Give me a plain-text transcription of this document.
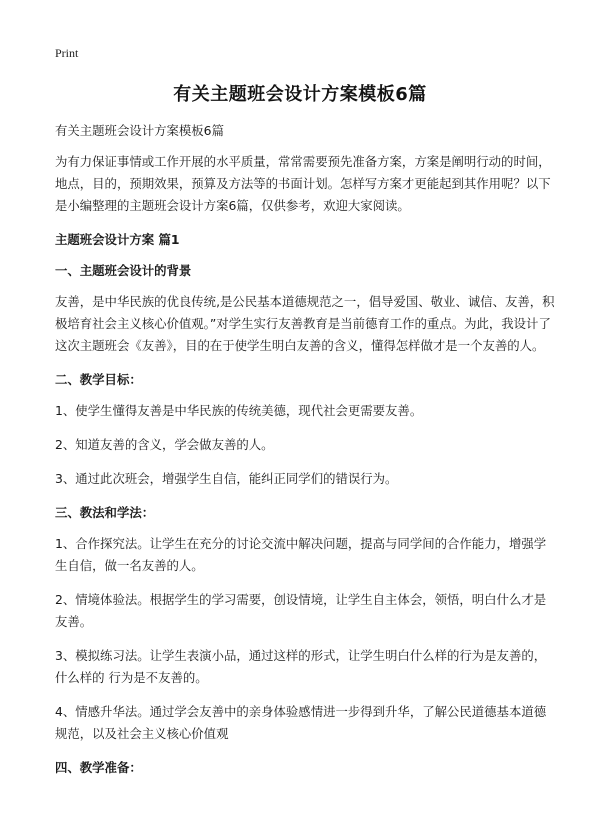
Print
有关主题班会设计方案模板6篇

有关主题班会设计方案模板6篇

为有力保证事情或工作开展的水平质量，常常需要预先准备方案，方案是阐明行动的时间，地点，目的，预期效果，预算及方法等的书面计划。怎样写方案才更能起到其作用呢？以下是小编整理的主题班会设计方案6篇，仅供参考，欢迎大家阅读。

主题班会设计方案 篇1

一、主题班会设计的背景

友善，是中华民族的优良传统,是公民基本道德规范之一，倡导爱国、敬业、诚信、友善，积极培育社会主义核心价值观。”对学生实行友善教育是当前德育工作的重点。为此，我设计了这次主题班会《友善》，目的在于使学生明白友善的含义，懂得怎样做才是一个友善的人。

二、教学目标：

1、使学生懂得友善是中华民族的传统美德，现代社会更需要友善。

2、知道友善的含义，学会做友善的人。

3、通过此次班会，增强学生自信，能纠正同学们的错误行为。

三、教法和学法：

1、合作探究法。让学生在充分的讨论交流中解决问题，提高与同学间的合作能力，增强学生自信，做一名友善的人。

2、情境体验法。根据学生的学习需要，创设情境，让学生自主体会，领悟，明白什么才是友善。

3、模拟练习法。让学生表演小品，通过这样的形式，让学生明白什么样的行为是友善的，什么样的 行为是不友善的。

4、情感升华法。通过学会友善中的亲身体验感情进一步得到升华，了解公民道德基本道德规范，以及社会主义核心价值观

四、教学准备：
